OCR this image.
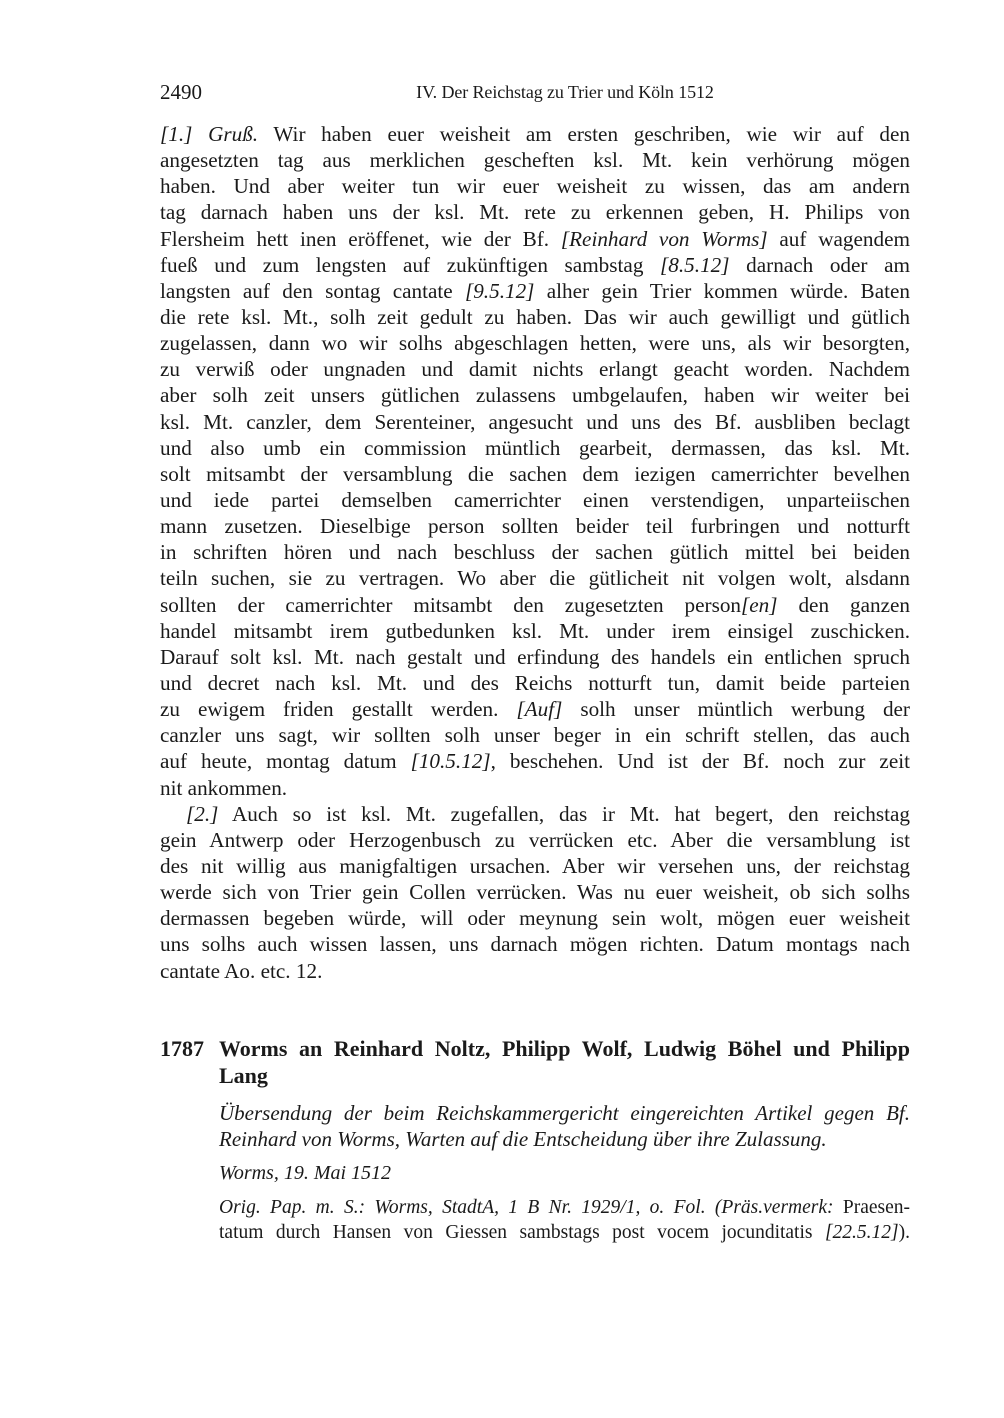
2490	IV. Der Reichstag zu Trier und Köln 1512
[1.] Gruß. Wir haben euer weisheit am ersten geschriben, wie wir auf den
angesetzten tag aus merklichen gescheften ksl. Mt. kein verhörung mögen
haben. Und aber weiter tun wir euer weisheit zu wissen, das am andern
tag darnach haben uns der ksl. Mt. rete zu erkennen geben, H. Philips von
Flersheim hett inen eröffenet, wie der Bf. [Reinhard von Worms] auf wagendem
fueß und zum lengsten auf zukünftigen sambstag [8.5.12] darnach oder am
langsten auf den sontag cantate [9.5.12] alher gein Trier kommen würde. Baten
die rete ksl. Mt., solh zeit gedult zu haben. Das wir auch gewilligt und gütlich
zugelassen, dann wo wir solhs abgeschlagen hetten, were uns, als wir besorgten,
zu verwiß oder ungnaden und damit nichts erlangt geacht worden. Nachdem
aber solh zeit unsers gütlichen zulassens umbgelaufen, haben wir weiter bei
ksl. Mt. canzler, dem Serenteiner, angesucht und uns des Bf. ausbliben beclagt
und also umb ein commission müntlich gearbeit, dermassen, das ksl. Mt.
solt mitsambt der versamblung die sachen dem iezigen camerrichter bevelhen
und iede partei demselben camerrichter einen verstendigen, unparteiischen
mann zusetzen. Dieselbige person sollten beider teil furbringen und notturft
in schriften hören und nach beschluss der sachen gütlich mittel bei beiden
teiln suchen, sie zu vertragen. Wo aber die gütlicheit nit volgen wolt, alsdann
sollten der camerrichter mitsambt den zugesetzten person[en] den ganzen
handel mitsambt irem gutbedunken ksl. Mt. under irem einsigel zuschicken.
Darauf solt ksl. Mt. nach gestalt und erfindung des handels ein entlichen spruch
und decret nach ksl. Mt. und des Reichs notturft tun, damit beide parteien
zu ewigem friden gestallt werden. [Auf] solh unser müntlich werbung der
canzler uns sagt, wir sollten solh unser beger in ein schrift stellen, das auch
auf heute, montag datum [10.5.12], beschehen. Und ist der Bf. noch zur zeit
nit ankommen.
[2.] Auch so ist ksl. Mt. zugefallen, das ir Mt. hat begert, den reichstag
gein Antwerp oder Herzogenbusch zu verrücken etc. Aber die versamblung ist
des nit willig aus manigfaltigen ursachen. Aber wir versehen uns, der reichstag
werde sich von Trier gein Collen verrücken. Was nu euer weisheit, ob sich solhs
dermassen begeben würde, will oder meynung sein wolt, mögen euer weisheit
uns solhs auch wissen lassen, uns darnach mögen richten. Datum montags nach
cantate Ao. etc. 12.
1787 Worms an Reinhard Noltz, Philipp Wolf, Ludwig Böhel und Philipp
Lang
Übersendung der beim Reichskammergericht eingereichten Artikel gegen Bf.
Reinhard von Worms, Warten auf die Entscheidung über ihre Zulassung.
Worms, 19. Mai 1512
Orig. Pap. m. S.: Worms, StadtA, 1 B Nr. 1929/1, o. Fol. (Präs.vermerk: Praesen-
tatum durch Hansen von Giessen sambstags post vocem jocunditatis [22.5.12]).
